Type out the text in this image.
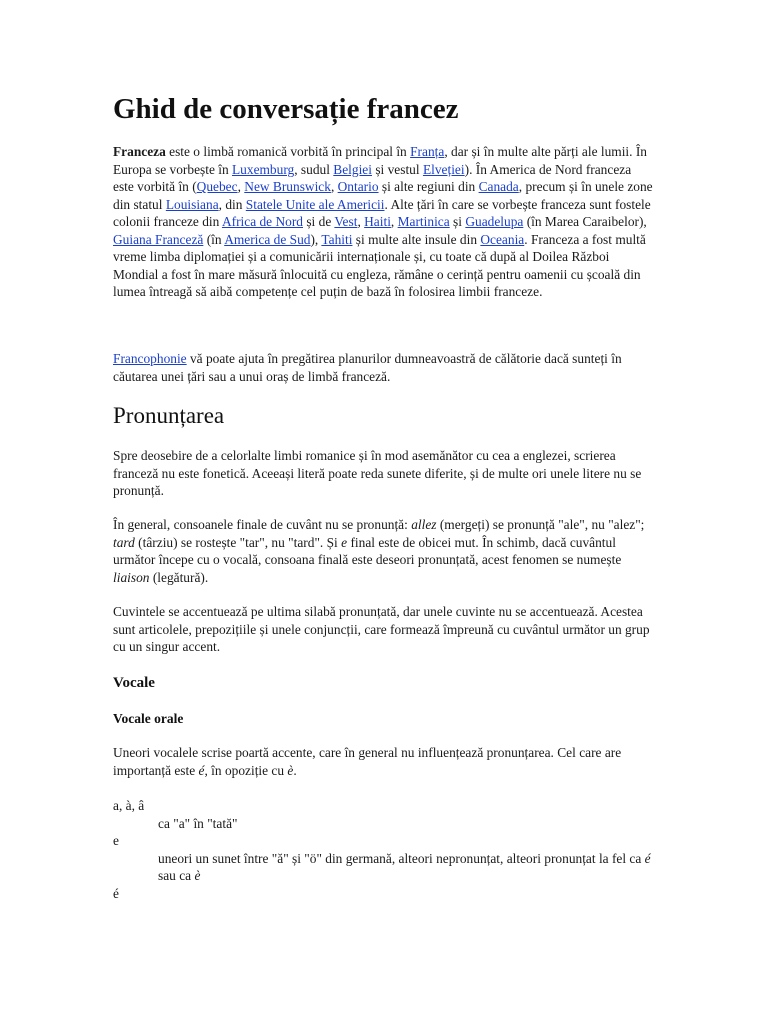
Ghid de conversație francez

Franceza este o limbă romanică vorbită în principal în Franța, dar și în multe alte părți ale lumii. În Europa se vorbește în Luxemburg, sudul Belgiei și vestul Elveției). În America de Nord franceza este vorbită în (Quebec, New Brunswick, Ontario și alte regiuni din Canada, precum și în unele zone din statul Louisiana, din Statele Unite ale Americii. Alte țări în care se vorbește franceza sunt fostele colonii franceze din Africa de Nord și de Vest, Haiti, Martinica și Guadelupa (în Marea Caraibelor), Guiana Franceză (în America de Sud), Tahiti și multe alte insule din Oceania. Franceza a fost multă vreme limba diplomației și a comunicării internaționale și, cu toate că după al Doilea Război Mondial a fost în mare măsură înlocuită cu engleza, rămâne o cerință pentru oamenii cu școală din lumea întreagă să aibă competențe cel puțin de bază în folosirea limbii franceze.

Francophonie vă poate ajuta în pregătirea planurilor dumneavoastră de călătorie dacă sunteți în căutarea unei țări sau a unui oraș de limbă franceză.

Pronunțarea

Spre deosebire de a celorlalte limbi romanice și în mod asemănător cu cea a englezei, scrierea franceză nu este fonetică. Aceeași literă poate reda sunete diferite, și de multe ori unele litere nu se pronunță.

În general, consoanele finale de cuvânt nu se pronunță: allez (mergeți) se pronunță "ale", nu "alez"; tard (târziu) se rostește "tar", nu "tard". Și e final este de obicei mut. În schimb, dacă cuvântul următor începe cu o vocală, consoana finală este deseori pronunțată, acest fenomen se numește liaison (legătură).

Cuvintele se accentuează pe ultima silabă pronunțată, dar unele cuvinte nu se accentuează. Acestea sunt articolele, prepozițiile și unele conjuncții, care formează împreună cu cuvântul următor un grup cu un singur accent.

Vocale
Vocale orale

Uneori vocalele scrise poartă accente, care în general nu influențează pronunțarea. Cel care are importanță este é, în opoziție cu è.

a, à, â
ca "a" în "tată"
e
uneori un sunet între "ă" și "ö" din germană, alteori nepronunțat, alteori pronunțat la fel ca é sau ca è
é
